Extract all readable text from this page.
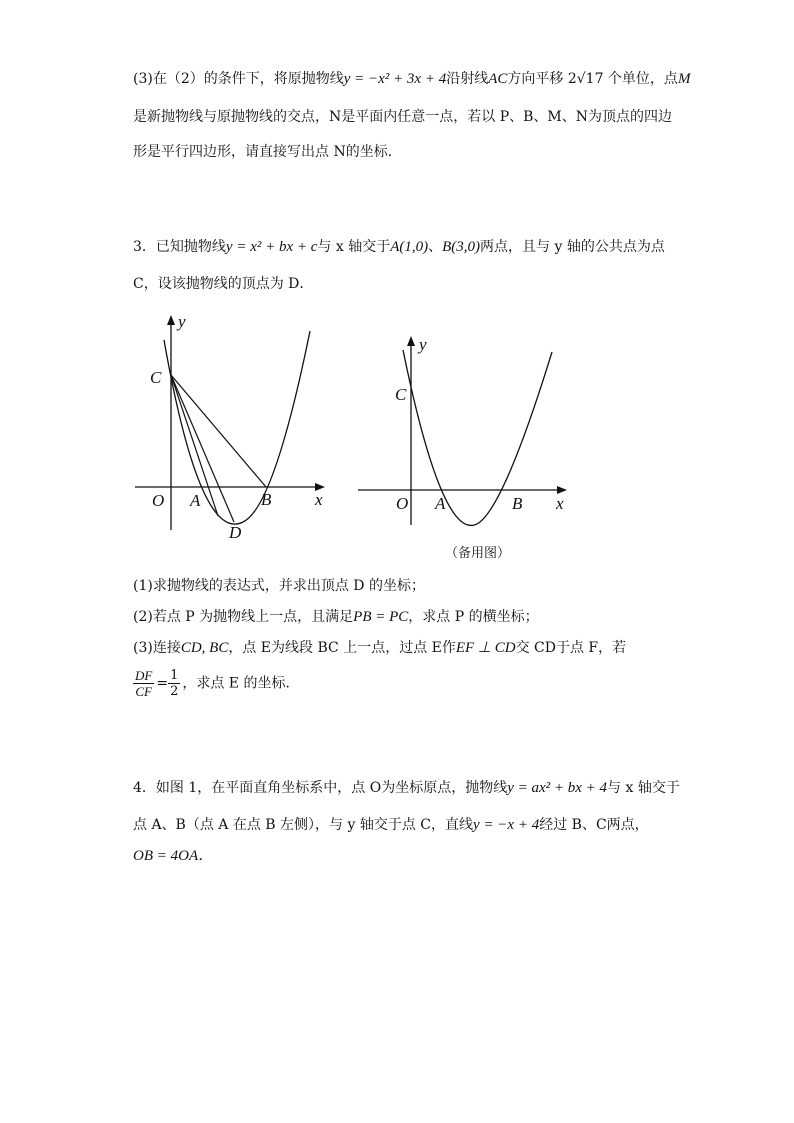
(3)在（2）的条件下，将原抛物线y = −x² + 3x + 4沿射线AC方向平移 2√17 个单位，点M
是新抛物线与原抛物线的交点，N是平面内任意一点，若以 P、B、M、N为顶点的四边
形是平行四边形，请直接写出点 N的坐标．
3．已知抛物线y = x² + bx + c与 x 轴交于A(1,0)、B(3,0)两点，且与 y 轴的公共点为点
C，设该抛物线的顶点为 D．
y
x
O A	B
C
D
y
x
O A	B
C
（备用图）
(1)求抛物线的表达式，并求出顶点 D 的坐标；
(2)若点 P 为抛物线上一点，且满足PB = PC，求点 P 的横坐标；
(3)连接CD, BC，点 E为线段 BC 上一点，过点 E作EF ⊥ CD交 CD于点 F，若
$\frac{DF}{CF} = \frac{1}{2}$ ，求点 E 的坐标．
4．如图 1，在平面直角坐标系中，点 O为坐标原点，抛物线y = ax² + bx + 4与 x 轴交于
点 A、B（点 A 在点 B 左侧），与 y 轴交于点 C，直线y = −x + 4经过 B、C两点，
OB = 4OA．
